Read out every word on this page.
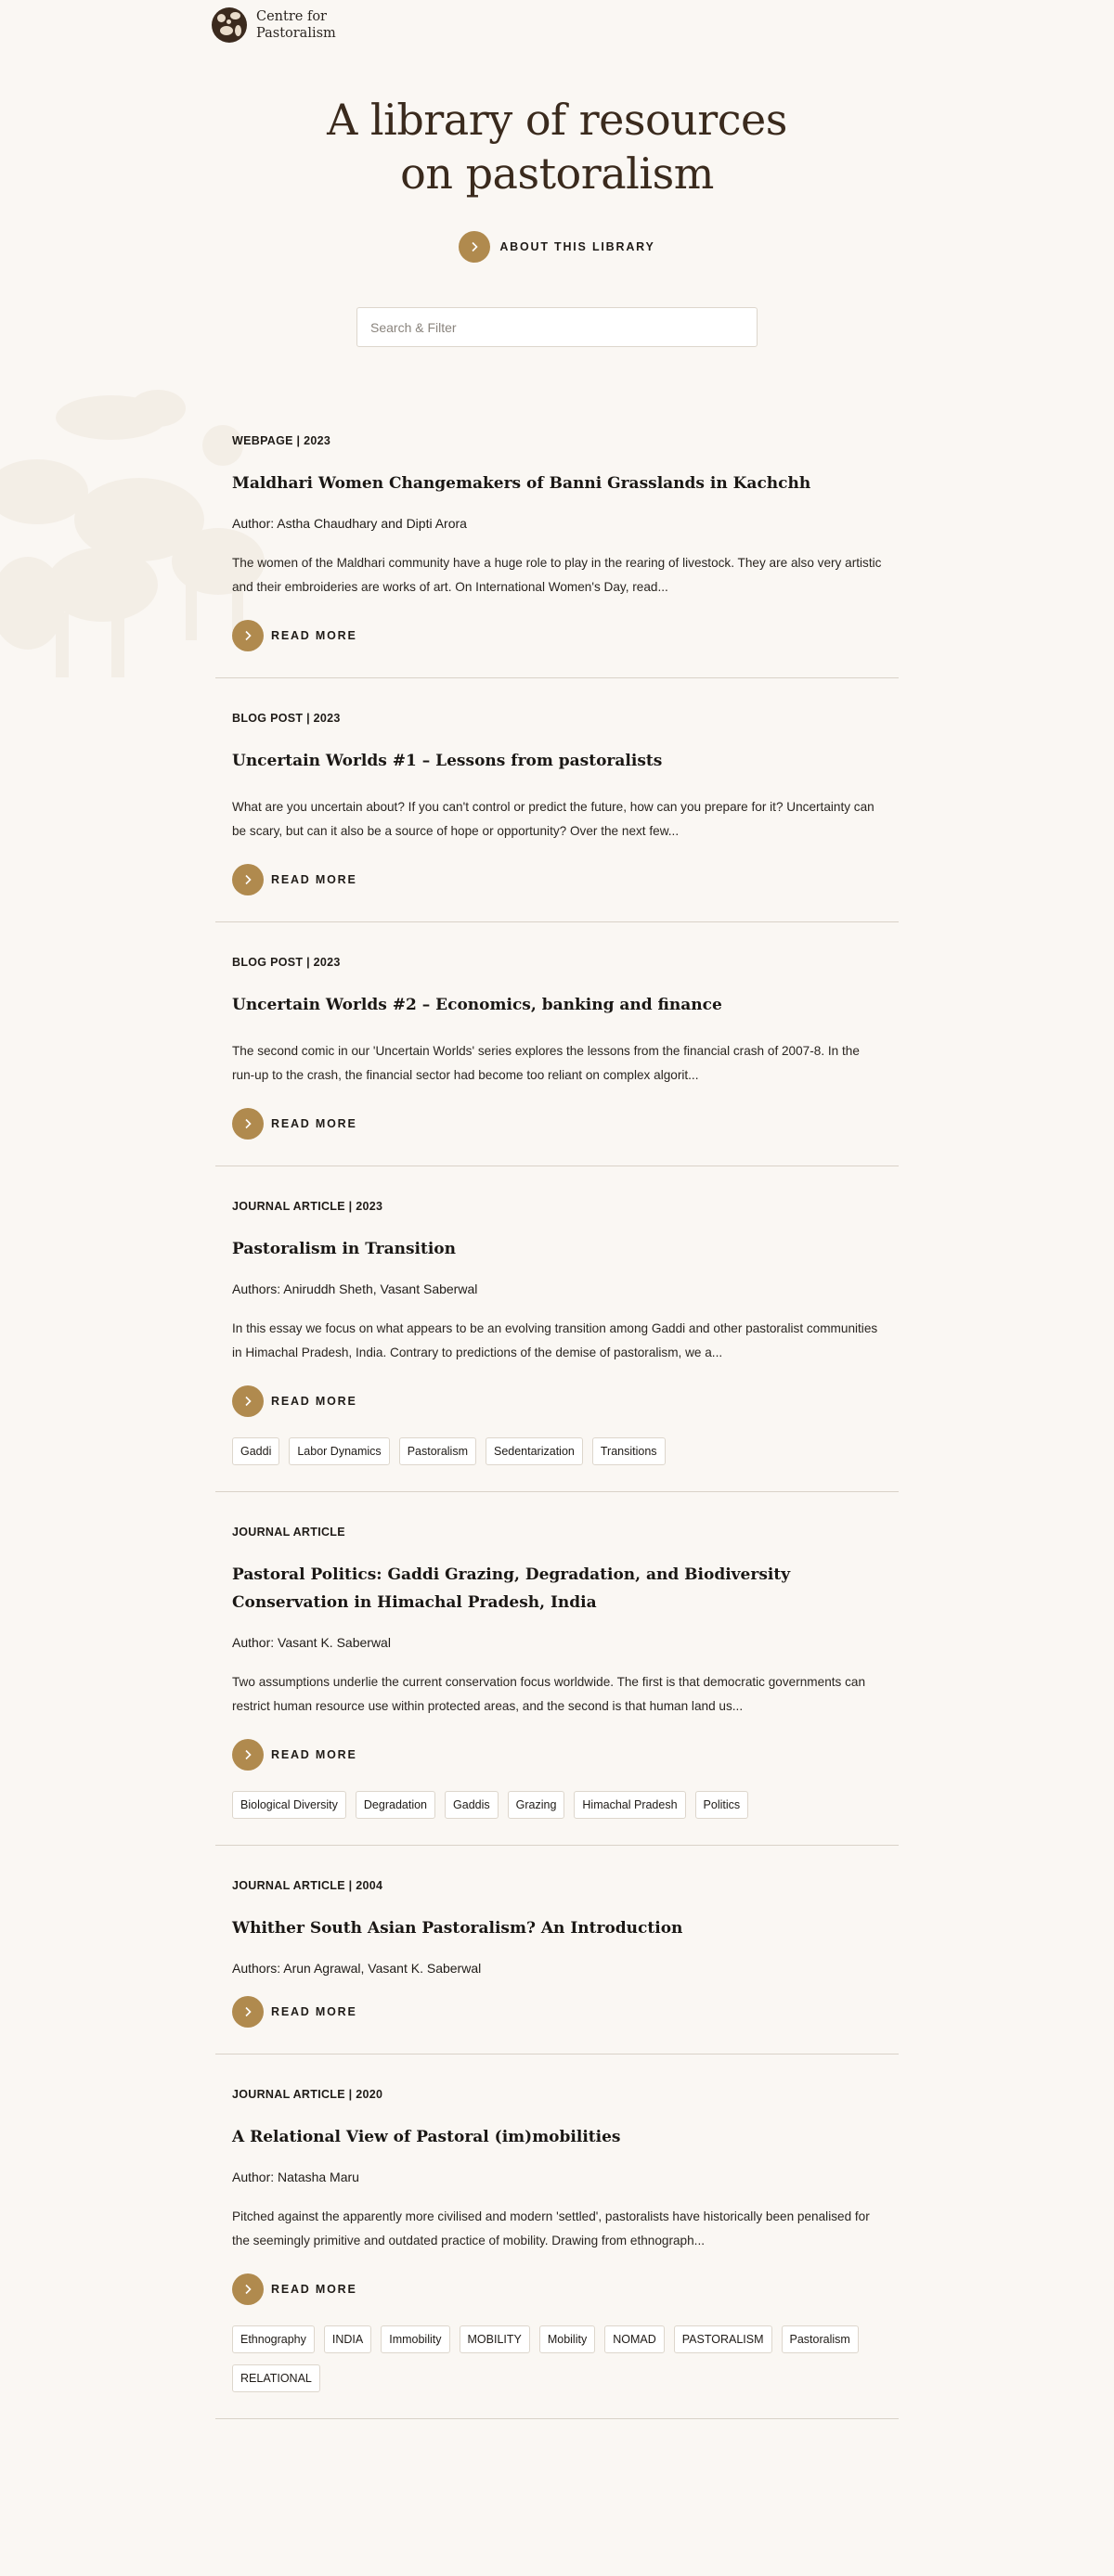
Centre for
Pastoralism
A library of resources
on pastoralism
ABOUT THIS LIBRARY
Search & Filter
WEBPAGE | 2023
Maldhari Women Changemakers of Banni Grasslands in Kachchh
Author: Astha Chaudhary and Dipti Arora

The women of the Maldhari community have a huge role to play in the rearing of livestock. They are also very artistic and their embroideries are works of art. On International Women's Day, read...

READ MORE
BLOG POST | 2023
Uncertain Worlds #1 – Lessons from pastoralists

What are you uncertain about? If you can't control or predict the future, how can you prepare for it? Uncertainty can be scary, but can it also be a source of hope or opportunity? Over the next few...

READ MORE
BLOG POST | 2023
Uncertain Worlds #2 – Economics, banking and finance

The second comic in our 'Uncertain Worlds' series explores the lessons from the financial crash of 2007-8. In the run-up to the crash, the financial sector had become too reliant on complex algorit...

READ MORE
JOURNAL ARTICLE | 2023
Pastoralism in Transition
Authors: Aniruddh Sheth, Vasant Saberwal

In this essay we focus on what appears to be an evolving transition among Gaddi and other pastoralist communities in Himachal Pradesh, India. Contrary to predictions of the demise of pastoralism, we a...

READ MORE
Gaddi	Labor Dynamics	Pastoralism	Sedentarization	Transitions
JOURNAL ARTICLE
Pastoral Politics: Gaddi Grazing, Degradation, and Biodiversity Conservation in Himachal Pradesh, India
Author: Vasant K. Saberwal

Two assumptions underlie the current conservation focus worldwide. The first is that democratic governments can restrict human resource use within protected areas, and the second is that human land us...

READ MORE
Biological Diversity	Degradation	Gaddis	Grazing	Himachal Pradesh	Politics
JOURNAL ARTICLE | 2004
Whither South Asian Pastoralism? An Introduction
Authors: Arun Agrawal, Vasant K. Saberwal
READ MORE
JOURNAL ARTICLE | 2020
A Relational View of Pastoral (im)mobilities
Author: Natasha Maru

Pitched against the apparently more civilised and modern 'settled', pastoralists have historically been penalised for the seemingly primitive and outdated practice of mobility. Drawing from ethnograph...

READ MORE
Ethnography	INDIA	Immobility	MOBILITY	Mobility	NOMAD	PASTORALISM	Pastoralism
RELATIONAL
